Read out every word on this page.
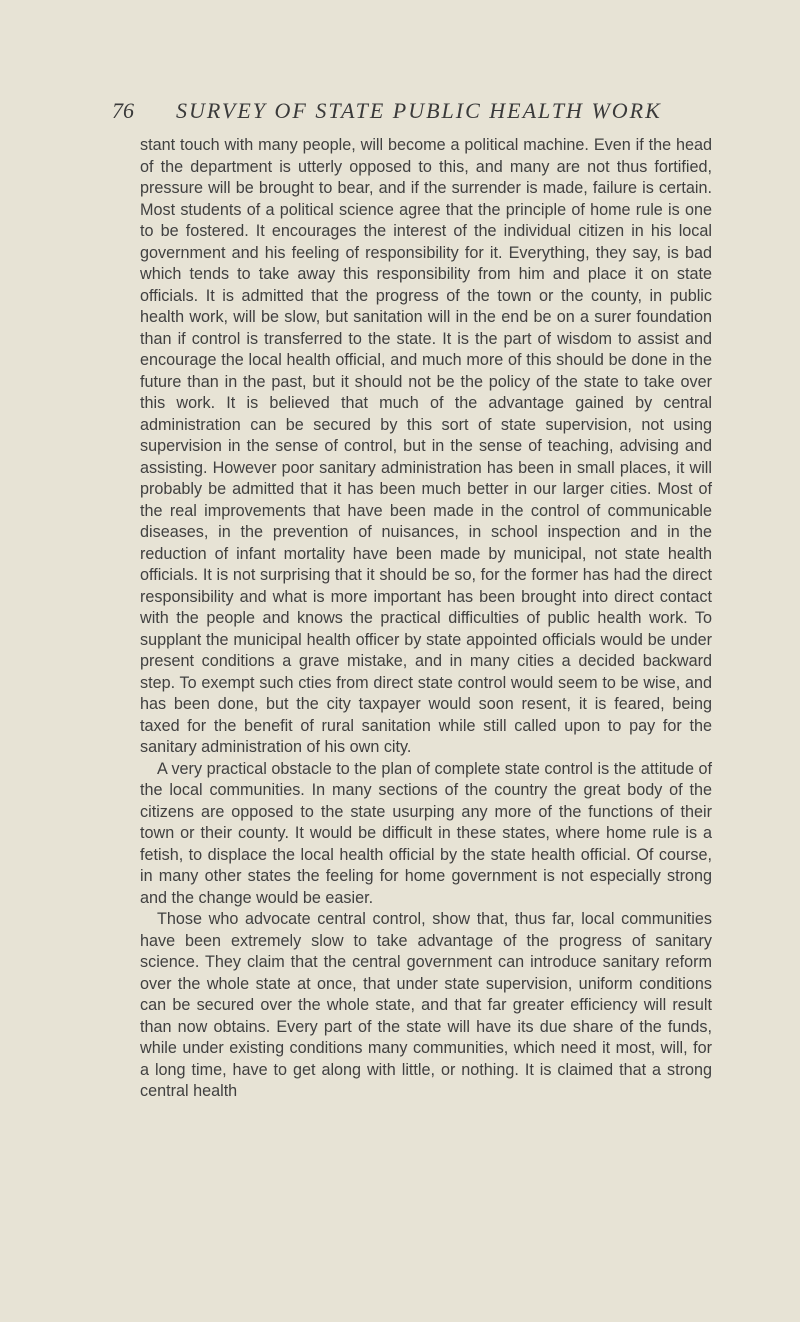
76 SURVEY OF STATE PUBLIC HEALTH WORK

stant touch with many people, will become a political machine. Even if the head of the department is utterly opposed to this, and many are not thus fortified, pressure will be brought to bear, and if the surrender is made, failure is certain. Most students of a political science agree that the principle of home rule is one to be fostered. It encourages the interest of the individual citizen in his local government and his feeling of responsibility for it. Everything, they say, is bad which tends to take away this responsibility from him and place it on state officials. It is admitted that the progress of the town or the county, in public health work, will be slow, but sanitation will in the end be on a surer foundation than if control is transferred to the state. It is the part of wisdom to assist and encourage the local health official, and much more of this should be done in the future than in the past, but it should not be the policy of the state to take over this work. It is believed that much of the advantage gained by central administration can be secured by this sort of state supervision, not using supervision in the sense of control, but in the sense of teaching, advising and assisting. However poor sanitary administration has been in small places, it will probably be admitted that it has been much better in our larger cities. Most of the real improvements that have been made in the control of communicable diseases, in the prevention of nuisances, in school inspection and in the reduction of infant mortality have been made by municipal, not state health officials. It is not surprising that it should be so, for the former has had the direct responsibility and what is more important has been brought into direct contact with the people and knows the practical difficulties of public health work. To supplant the municipal health officer by state appointed officials would be under present conditions a grave mistake, and in many cities a decided backward step. To exempt such cties from direct state control would seem to be wise, and has been done, but the city taxpayer would soon resent, it is feared, being taxed for the benefit of rural sanitation while still called upon to pay for the sanitary administration of his own city.

A very practical obstacle to the plan of complete state control is the attitude of the local communities. In many sections of the country the great body of the citizens are opposed to the state usurping any more of the functions of their town or their county. It would be difficult in these states, where home rule is a fetish, to displace the local health official by the state health official. Of course, in many other states the feeling for home government is not especially strong and the change would be easier.

Those who advocate central control, show that, thus far, local communities have been extremely slow to take advantage of the progress of sanitary science. They claim that the central government can introduce sanitary reform over the whole state at once, that under state supervision, uniform conditions can be secured over the whole state, and that far greater efficiency will result than now obtains. Every part of the state will have its due share of the funds, while under existing conditions many communities, which need it most, will, for a long time, have to get along with little, or nothing. It is claimed that a strong central health
